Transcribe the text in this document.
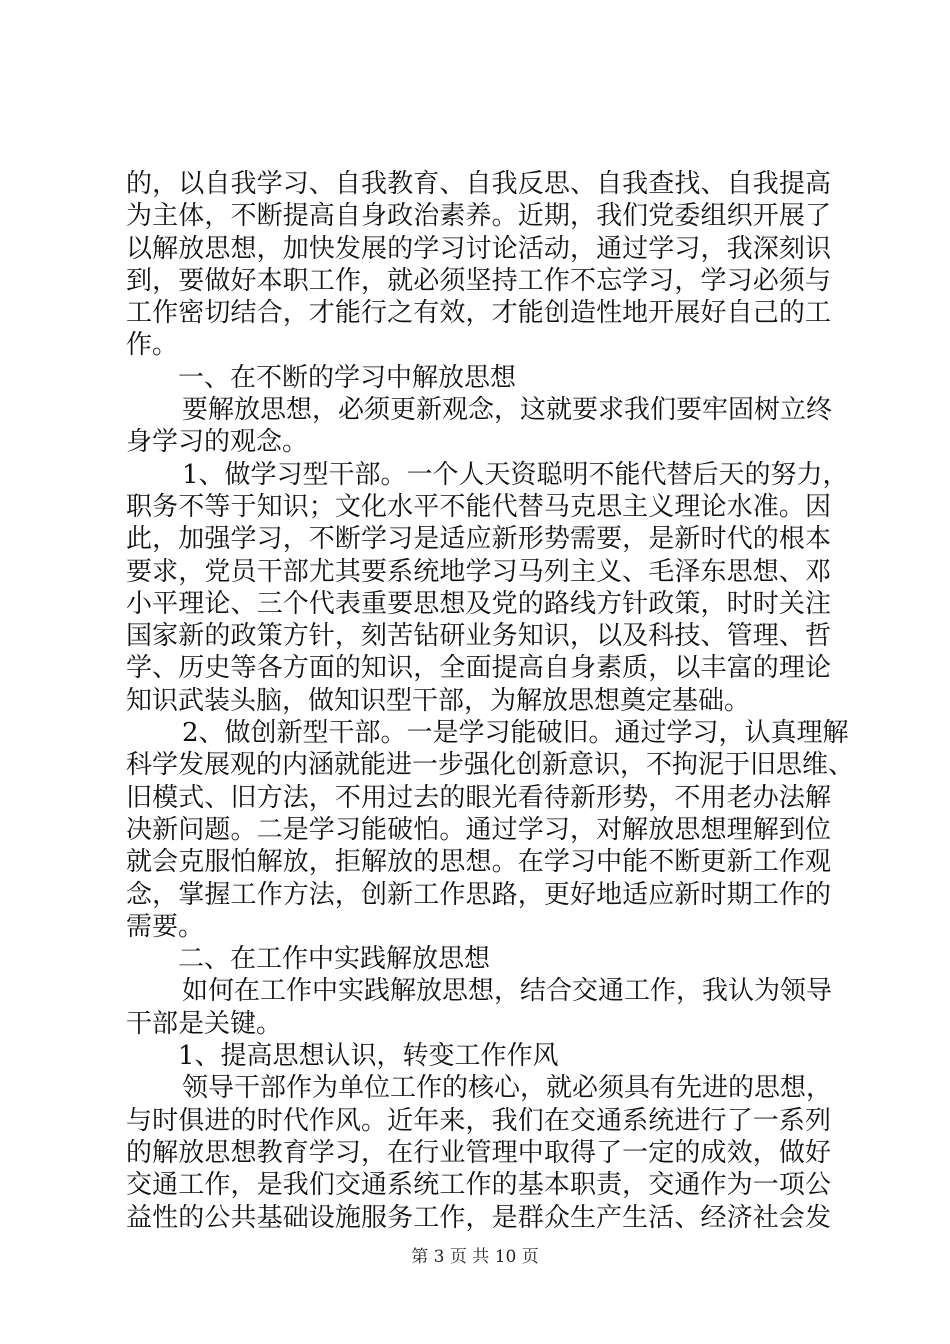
的，以自我学习、自我教育、自我反思、自我查找、自我提高
为主体，不断提高自身政治素养。近期，我们党委组织开展了
以解放思想，加快发展的学习讨论活动，通过学习，我深刻识
到，要做好本职工作，就必须坚持工作不忘学习，学习必须与
工作密切结合，才能行之有效，才能创造性地开展好自己的工
作。
一、在不断的学习中解放思想
要解放思想，必须更新观念，这就要求我们要牢固树立终
身学习的观念。
1、做学习型干部。一个人天资聪明不能代替后天的努力，
职务不等于知识；文化水平不能代替马克思主义理论水准。因
此，加强学习，不断学习是适应新形势需要，是新时代的根本
要求，党员干部尤其要系统地学习马列主义、毛泽东思想、邓
小平理论、三个代表重要思想及党的路线方针政策，时时关注
国家新的政策方针，刻苦钻研业务知识，以及科技、管理、哲
学、历史等各方面的知识，全面提高自身素质，以丰富的理论
知识武装头脑，做知识型干部，为解放思想奠定基础。
2、做创新型干部。一是学习能破旧。通过学习，认真理解
科学发展观的内涵就能进一步强化创新意识，不拘泥于旧思维、
旧模式、旧方法，不用过去的眼光看待新形势，不用老办法解
决新问题。二是学习能破怕。通过学习，对解放思想理解到位
就会克服怕解放，拒解放的思想。在学习中能不断更新工作观
念，掌握工作方法，创新工作思路，更好地适应新时期工作的
需要。
二、在工作中实践解放思想
如何在工作中实践解放思想，结合交通工作，我认为领导
干部是关键。
1、提高思想认识，转变工作作风
领导干部作为单位工作的核心，就必须具有先进的思想，
与时俱进的时代作风。近年来，我们在交通系统进行了一系列
的解放思想教育学习，在行业管理中取得了一定的成效，做好
交通工作，是我们交通系统工作的基本职责，交通作为一项公
益性的公共基础设施服务工作，是群众生产生活、经济社会发
第 3 页 共 10 页
